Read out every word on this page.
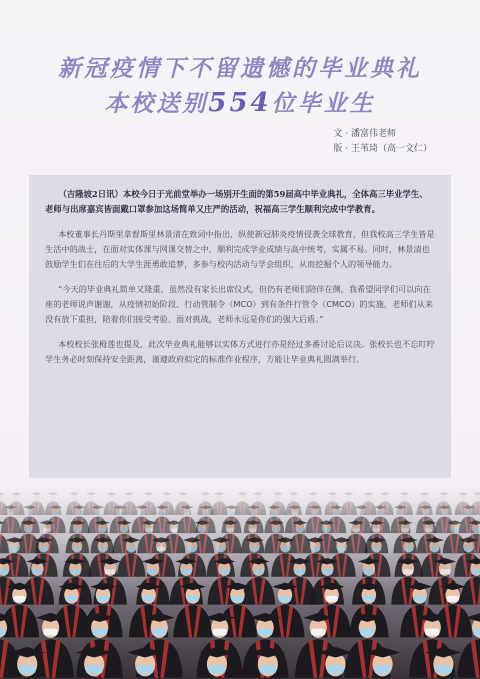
新冠疫情下不留遗憾的毕业典礼
本校送别554位毕业生
文 · 潘富伟老师
版 · 王苇琦（高一文仁）

（吉隆坡2日讯）本校今日于光前堂举办一场别开生面的第59届高中毕业典礼，全体高三毕业学生、老师与出席嘉宾皆面戴口罩参加这场简单又庄严的活动，祝福高三学生顺利完成中学教育。

本校董事长丹斯里拿督斯里林景清在致词中指出，纵使新冠肺炎疫情侵袭全球教育，但我校高三学生皆是生活中的战士，在面对实体课与网课交替之中，顺利完成学业成绩与高中统考，实属不易。同时，林景清也鼓励学生们在往后的大学生涯勇敢追梦，多参与校内活动与学会组织，从而挖掘个人的领导能力。

“今天的毕业典礼简单又隆重，虽然没有家长出席仪式，但仍有老师们陪伴在侧，我希望同学们可以向在座的老师说声谢谢，从疫情初始阶段、行动管制令（MCO）到有条件行管令（CMCO）的实施，老师们从来没有放下重担，陪着你们接受考验、面对挑战，老师永远是你们的强大后盾。”

本校校长张栂莲也提及，此次毕业典礼能够以实体方式进行亦是经过多番讨论后议决。张校长也不忘叮咛学生务必时刻保持安全距离，谨遵政府拟定的标准作业程序，方能让毕业典礼圆满举行。
